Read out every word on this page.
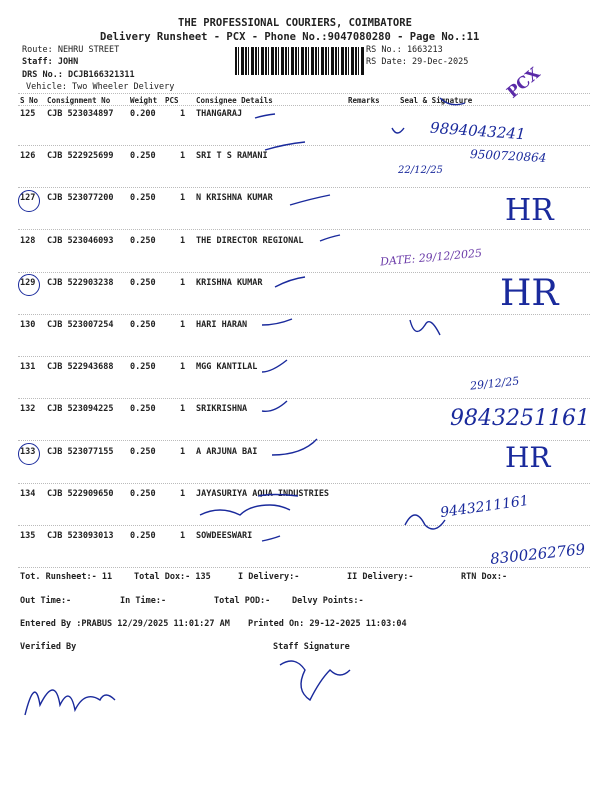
THE PROFESSIONAL COURIERS, COIMBATORE
Delivery Runsheet - PCX - Phone No.:9047080280 - Page No.:11
Route: NEHRU STREET
Staff: JOHN
DRS No.: DCJB166321311
Vehicle: Two Wheeler Delivery
RS No.: 1663213
RS Date: 29-Dec-2025
S No Consignment No	Weight PCS Consignee Details	Remarks	Seal & Signature
125 CJB 523034897 0.200	1 THANGARAJ
126 CJB 522925699 0.250	1 SRI T S RAMANI
127 CJB 523077200 0.250	1 N KRISHNA KUMAR
128 CJB 523046093 0.250	1 THE DIRECTOR REGIONAL
129 CJB 522903238 0.250	1 KRISHNA KUMAR
130 CJB 523007254 0.250	1 HARI HARAN
131 CJB 522943688 0.250	1 MGG KANTILAL
132 CJB 523094225 0.250	1 SRIKRISHNA
133 CJB 523077155 0.250	1 A ARJUNA BAI
134 CJB 522909650 0.250	1 JAYASURIYA AQUA INDUSTRIES
135 CJB 523093013 0.250	1 SOWDEESWARI
Tot. Runsheet:- 11	Total Dox:- 135	I Delivery:-	II Delivery:-	RTN Dox:-
Out Time:-	In Time:-	Total POD:-	Delvy Points:-
Entered By :PRABUS 12/29/2025 11:01:27 AM Printed On: 29-12-2025 11:03:04
Verified By	Staff Signature
9894043241
9500720864
22/12/25
HR
DATE: 29/12/2025
HR
29/12/25
9843251161
HR
9443211161
8300262769
PCX
